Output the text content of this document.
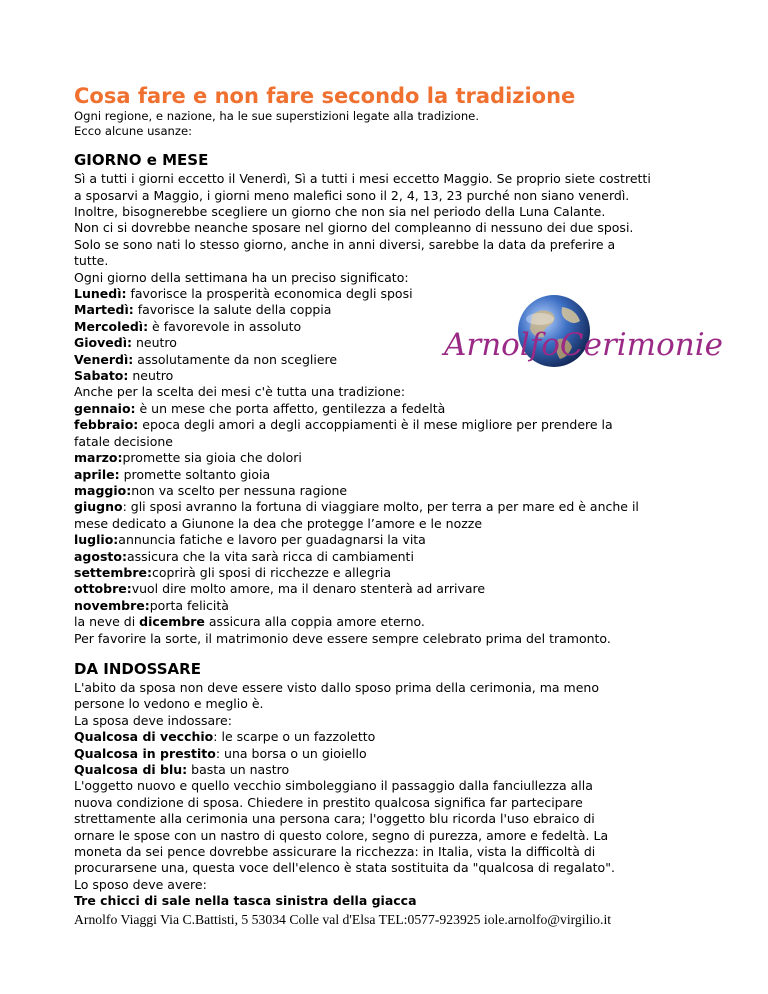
Cosa fare e non fare secondo la tradizione
Ogni regione, e nazione, ha le sue superstizioni legate alla tradizione.
Ecco alcune usanze:
GIORNO e MESE
Sì a tutti i giorni eccetto il Venerdì, Sì a tutti i mesi eccetto Maggio. Se proprio siete costretti
a sposarvi a Maggio, i giorni meno malefici sono il 2, 4, 13, 23 purché non siano venerdì.
Inoltre, bisognerebbe scegliere un giorno che non sia nel periodo della Luna Calante.
Non ci si dovrebbe neanche sposare nel giorno del compleanno di nessuno dei due sposi.
Solo se sono nati lo stesso giorno, anche in anni diversi, sarebbe la data da preferire a
tutte.
Ogni giorno della settimana ha un preciso significato:
Lunedì: favorisce la prosperità economica degli sposi
Martedì: favorisce la salute della coppia
Mercoledì: è favorevole in assoluto
Giovedì: neutro
Venerdì: assolutamente da non scegliere
Sabato: neutro
Anche per la scelta dei mesi c'è tutta una tradizione:
gennaio: è un mese che porta affetto, gentilezza a fedeltà
febbraio: epoca degli amori a degli accoppiamenti è il mese migliore per prendere la
fatale decisione
marzo:promette sia gioia che dolori
aprile: promette soltanto gioia
maggio:non va scelto per nessuna ragione
giugno: gli sposi avranno la fortuna di viaggiare molto, per terra a per mare ed è anche il
mese dedicato a Giunone la dea che protegge l’amore e le nozze
luglio:annuncia fatiche e lavoro per guadagnarsi la vita
agosto:assicura che la vita sarà ricca di cambiamenti
settembre:coprirà gli sposi di ricchezze e allegria
ottobre:vuol dire molto amore, ma il denaro stenterà ad arrivare
novembre:porta felicità
la neve di dicembre assicura alla coppia amore eterno.
Per favorire la sorte, il matrimonio deve essere sempre celebrato prima del tramonto.
DA INDOSSARE
L'abito da sposa non deve essere visto dallo sposo prima della cerimonia, ma meno
persone lo vedono e meglio è.
La sposa deve indossare:
Qualcosa di vecchio: le scarpe o un fazzoletto
Qualcosa in prestito: una borsa o un gioiello
Qualcosa di blu: basta un nastro
L'oggetto nuovo e quello vecchio simboleggiano il passaggio dalla fanciullezza alla
nuova condizione di sposa. Chiedere in prestito qualcosa significa far partecipare
strettamente alla cerimonia una persona cara; l'oggetto blu ricorda l'uso ebraico di
ornare le spose con un nastro di questo colore, segno di purezza, amore e fedeltà. La
moneta da sei pence dovrebbe assicurare la ricchezza: in Italia, vista la difficoltà di
procurarsene una, questa voce dell'elenco è stata sostituita da "qualcosa di regalato".
Lo sposo deve avere:
Tre chicci di sale nella tasca sinistra della giacca
ArnolfoCerimonie
Arnolfo Viaggi Via C.Battisti, 5 53034 Colle val d'Elsa TEL:0577-923925 iole.arnolfo@virgilio.it
